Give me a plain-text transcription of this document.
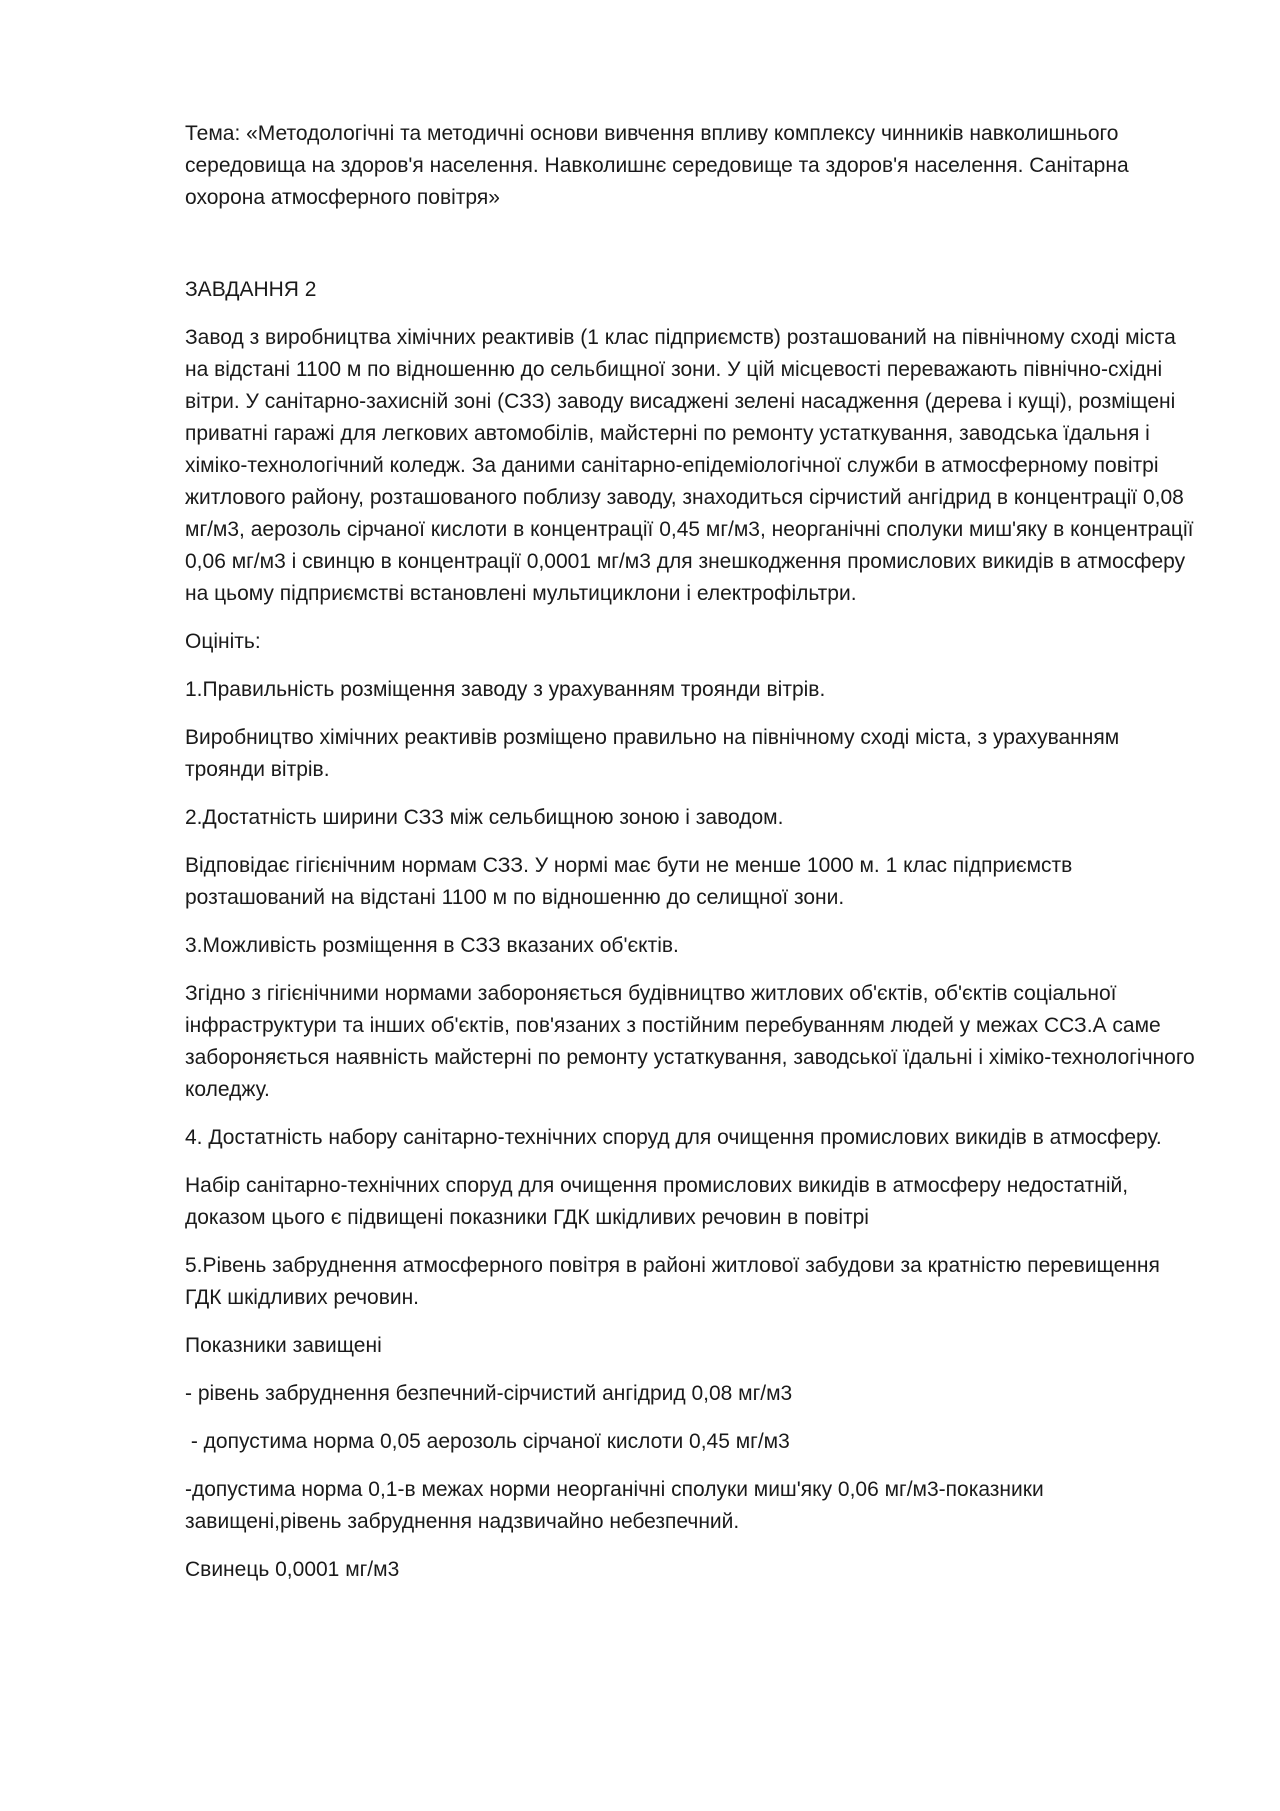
Тема: «Методологічні та методичні основи вивчення впливу комплексу чинників навколишнього середовища на здоров'я населення. Навколишнє середовище та здоров'я населення. Санітарна охорона атмосферного повітря»

ЗАВДАННЯ 2

Завод з виробництва хімічних реактивів (1 клас підприємств) розташований на північному сході міста на відстані 1100 м по відношенню до сельбищної зони. У цій місцевості переважають північно-східні вітри. У санітарно-захисній зоні (СЗЗ) заводу висаджені зелені насадження (дерева і кущі), розміщені приватні гаражі для легкових автомобілів, майстерні по ремонту устаткування, заводська їдальня і хіміко-технологічний коледж. За даними санітарно-епідеміологічної служби в атмосферному повітрі житлового району, розташованого поблизу заводу, знаходиться сірчистий ангідрид в концентрації 0,08 мг/м3, аерозоль сірчаної кислоти в концентрації 0,45 мг/м3, неорганічні сполуки миш'яку в концентрації 0,06 мг/м3 і свинцю в концентрації 0,0001 мг/м3 для знешкодження промислових викидів в атмосферу на цьому підприємстві встановлені мультициклони і електрофільтри.

Оцініть:

1.Правильність розміщення заводу з урахуванням троянди вітрів.

Виробництво хімічних реактивів розміщено правильно на північному сході міста, з урахуванням троянди вітрів.

2.Достатність ширини СЗЗ між сельбищною зоною і заводом.

Відповідає гігієнічним нормам СЗЗ. У нормі має бути не менше 1000 м. 1 клас підприємств розташований на відстані 1100 м по відношенню до селищної зони.

3.Можливість розміщення в СЗЗ вказаних об'єктів.

Згідно з гігієнічними нормами забороняється будівництво житлових об'єктів, об'єктів соціальної інфраструктури та інших об'єктів, пов'язаних з постійним перебуванням людей у межах ССЗ.А саме забороняється наявність майстерні по ремонту устаткування, заводської їдальні і хіміко-технологічного коледжу.

4. Достатність набору санітарно-технічних споруд для очищення промислових викидів в атмосферу.

Набір санітарно-технічних споруд для очищення промислових викидів в атмосферу недостатній, доказом цього є підвищені показники ГДК шкідливих речовин в повітрі

5.Рівень забруднення атмосферного повітря в районі житлової забудови за кратністю перевищення ГДК шкідливих речовин.

Показники завищені

- рівень забруднення безпечний-сірчистий ангідрид 0,08 мг/м3

- допустима норма 0,05 аерозоль сірчаної кислоти 0,45 мг/м3

-допустима норма 0,1-в межах норми неорганічні сполуки миш'яку 0,06 мг/м3-показники завищені,рівень забруднення надзвичайно небезпечний.

Свинець 0,0001 мг/м3
